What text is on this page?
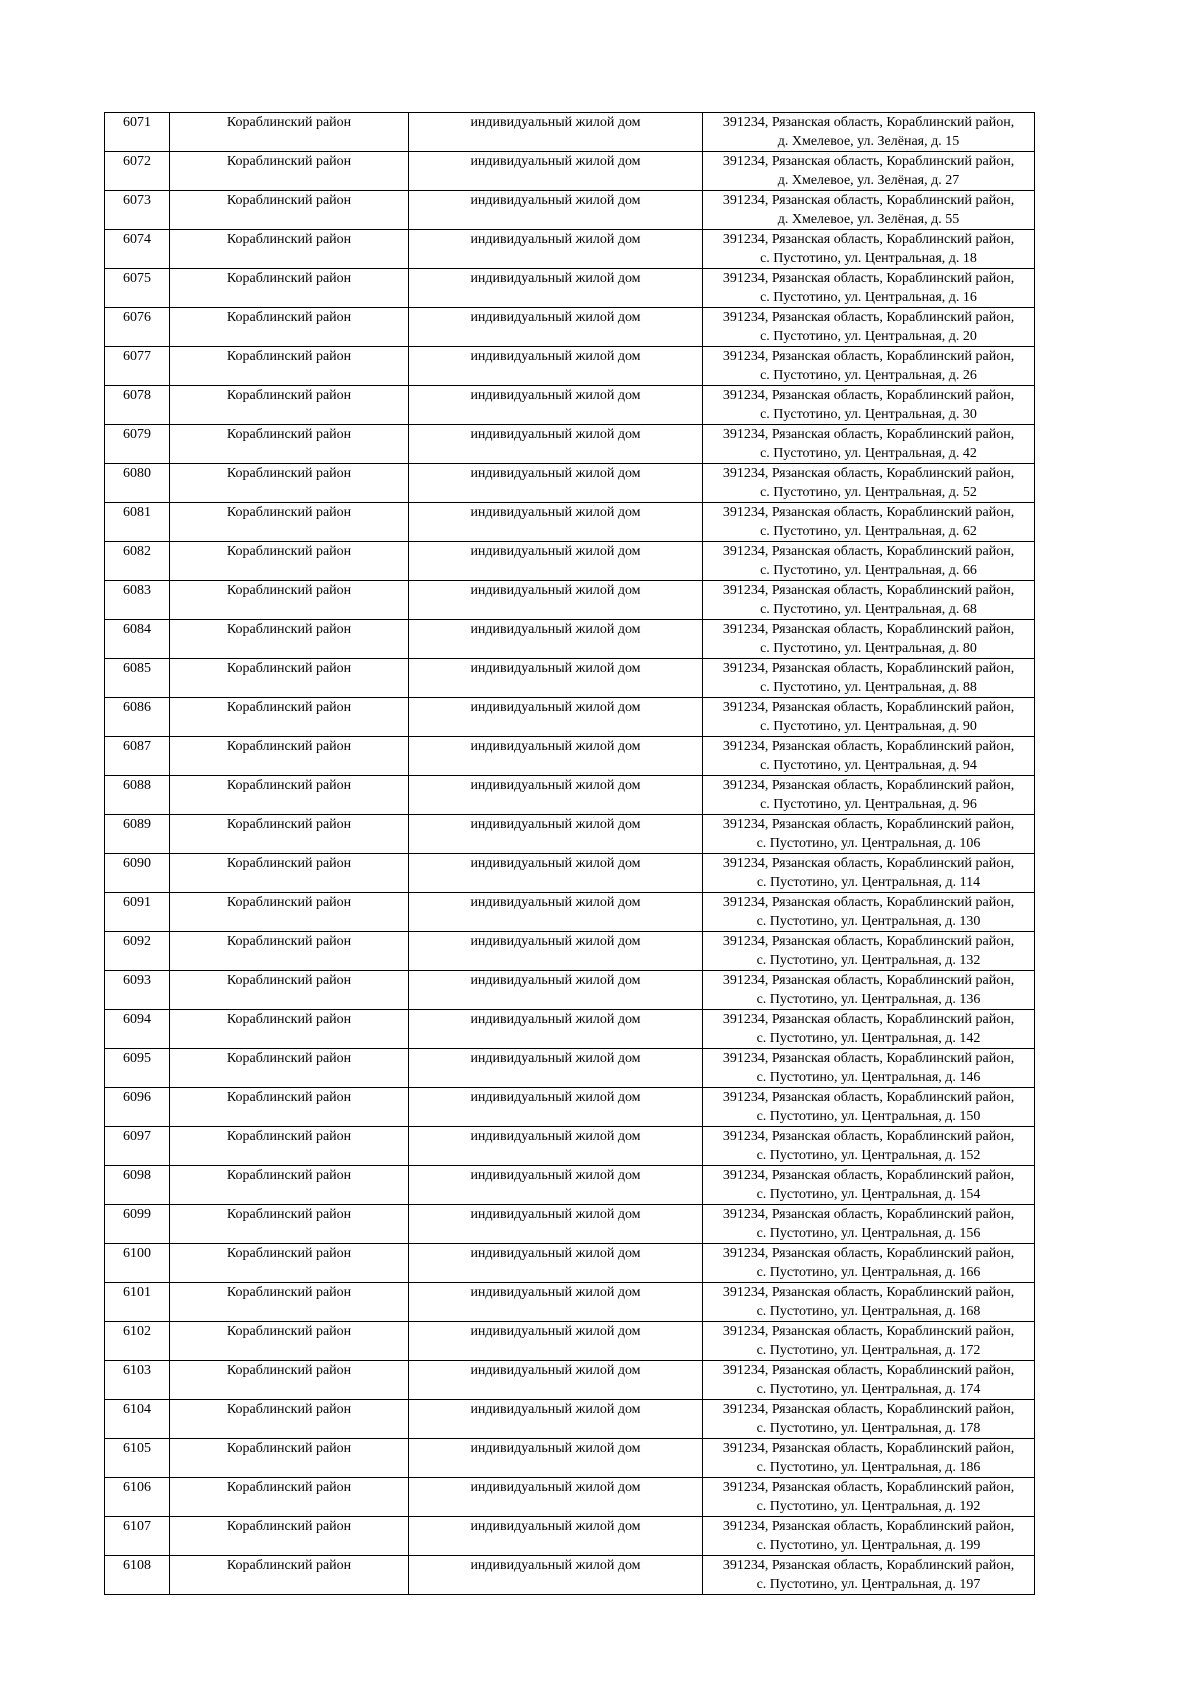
6071	Кораблинский район	индивидуальный жилой дом	391234, Рязанская область, Кораблинский район,
д. Хмелевое, ул. Зелёная, д. 15

6072	Кораблинский район	индивидуальный жилой дом	391234, Рязанская область, Кораблинский район,
д. Хмелевое, ул. Зелёная, д. 27

6073	Кораблинский район	индивидуальный жилой дом	391234, Рязанская область, Кораблинский район,
д. Хмелевое, ул. Зелёная, д. 55

6074	Кораблинский район	индивидуальный жилой дом	391234, Рязанская область, Кораблинский район,
с. Пустотино, ул. Центральная, д. 18

6075	Кораблинский район	индивидуальный жилой дом	391234, Рязанская область, Кораблинский район,
с. Пустотино, ул. Центральная, д. 16

6076	Кораблинский район	индивидуальный жилой дом	391234, Рязанская область, Кораблинский район,
с. Пустотино, ул. Центральная, д. 20

6077	Кораблинский район	индивидуальный жилой дом	391234, Рязанская область, Кораблинский район,
с. Пустотино, ул. Центральная, д. 26

6078	Кораблинский район	индивидуальный жилой дом	391234, Рязанская область, Кораблинский район,
с. Пустотино, ул. Центральная, д. 30

6079	Кораблинский район	индивидуальный жилой дом	391234, Рязанская область, Кораблинский район,
с. Пустотино, ул. Центральная, д. 42

6080	Кораблинский район	индивидуальный жилой дом	391234, Рязанская область, Кораблинский район,
с. Пустотино, ул. Центральная, д. 52

6081	Кораблинский район	индивидуальный жилой дом	391234, Рязанская область, Кораблинский район,
с. Пустотино, ул. Центральная, д. 62

6082	Кораблинский район	индивидуальный жилой дом	391234, Рязанская область, Кораблинский район,
с. Пустотино, ул. Центральная, д. 66

6083	Кораблинский район	индивидуальный жилой дом	391234, Рязанская область, Кораблинский район,
с. Пустотино, ул. Центральная, д. 68

6084	Кораблинский район	индивидуальный жилой дом	391234, Рязанская область, Кораблинский район,
с. Пустотино, ул. Центральная, д. 80

6085	Кораблинский район	индивидуальный жилой дом	391234, Рязанская область, Кораблинский район,
с. Пустотино, ул. Центральная, д. 88

6086	Кораблинский район	индивидуальный жилой дом	391234, Рязанская область, Кораблинский район,
с. Пустотино, ул. Центральная, д. 90

6087	Кораблинский район	индивидуальный жилой дом	391234, Рязанская область, Кораблинский район,
с. Пустотино, ул. Центральная, д. 94

6088	Кораблинский район	индивидуальный жилой дом	391234, Рязанская область, Кораблинский район,
с. Пустотино, ул. Центральная, д. 96

6089	Кораблинский район	индивидуальный жилой дом	391234, Рязанская область, Кораблинский район,
с. Пустотино, ул. Центральная, д. 106

6090	Кораблинский район	индивидуальный жилой дом	391234, Рязанская область, Кораблинский район,
с. Пустотино, ул. Центральная, д. 114

6091	Кораблинский район	индивидуальный жилой дом	391234, Рязанская область, Кораблинский район,
с. Пустотино, ул. Центральная, д. 130

6092	Кораблинский район	индивидуальный жилой дом	391234, Рязанская область, Кораблинский район,
с. Пустотино, ул. Центральная, д. 132

6093	Кораблинский район	индивидуальный жилой дом	391234, Рязанская область, Кораблинский район,
с. Пустотино, ул. Центральная, д. 136

6094	Кораблинский район	индивидуальный жилой дом	391234, Рязанская область, Кораблинский район,
с. Пустотино, ул. Центральная, д. 142

6095	Кораблинский район	индивидуальный жилой дом	391234, Рязанская область, Кораблинский район,
с. Пустотино, ул. Центральная, д. 146

6096	Кораблинский район	индивидуальный жилой дом	391234, Рязанская область, Кораблинский район,
с. Пустотино, ул. Центральная, д. 150

6097	Кораблинский район	индивидуальный жилой дом	391234, Рязанская область, Кораблинский район,
с. Пустотино, ул. Центральная, д. 152

6098	Кораблинский район	индивидуальный жилой дом	391234, Рязанская область, Кораблинский район,
с. Пустотино, ул. Центральная, д. 154

6099	Кораблинский район	индивидуальный жилой дом	391234, Рязанская область, Кораблинский район,
с. Пустотино, ул. Центральная, д. 156

6100	Кораблинский район	индивидуальный жилой дом	391234, Рязанская область, Кораблинский район,
с. Пустотино, ул. Центральная, д. 166

6101	Кораблинский район	индивидуальный жилой дом	391234, Рязанская область, Кораблинский район,
с. Пустотино, ул. Центральная, д. 168

6102	Кораблинский район	индивидуальный жилой дом	391234, Рязанская область, Кораблинский район,
с. Пустотино, ул. Центральная, д. 172

6103	Кораблинский район	индивидуальный жилой дом	391234, Рязанская область, Кораблинский район,
с. Пустотино, ул. Центральная, д. 174

6104	Кораблинский район	индивидуальный жилой дом	391234, Рязанская область, Кораблинский район,
с. Пустотино, ул. Центральная, д. 178

6105	Кораблинский район	индивидуальный жилой дом	391234, Рязанская область, Кораблинский район,
с. Пустотино, ул. Центральная, д. 186

6106	Кораблинский район	индивидуальный жилой дом	391234, Рязанская область, Кораблинский район,
с. Пустотино, ул. Центральная, д. 192

6107	Кораблинский район	индивидуальный жилой дом	391234, Рязанская область, Кораблинский район,
с. Пустотино, ул. Центральная, д. 199

6108	Кораблинский район	индивидуальный жилой дом	391234, Рязанская область, Кораблинский район,
с. Пустотино, ул. Центральная, д. 197
